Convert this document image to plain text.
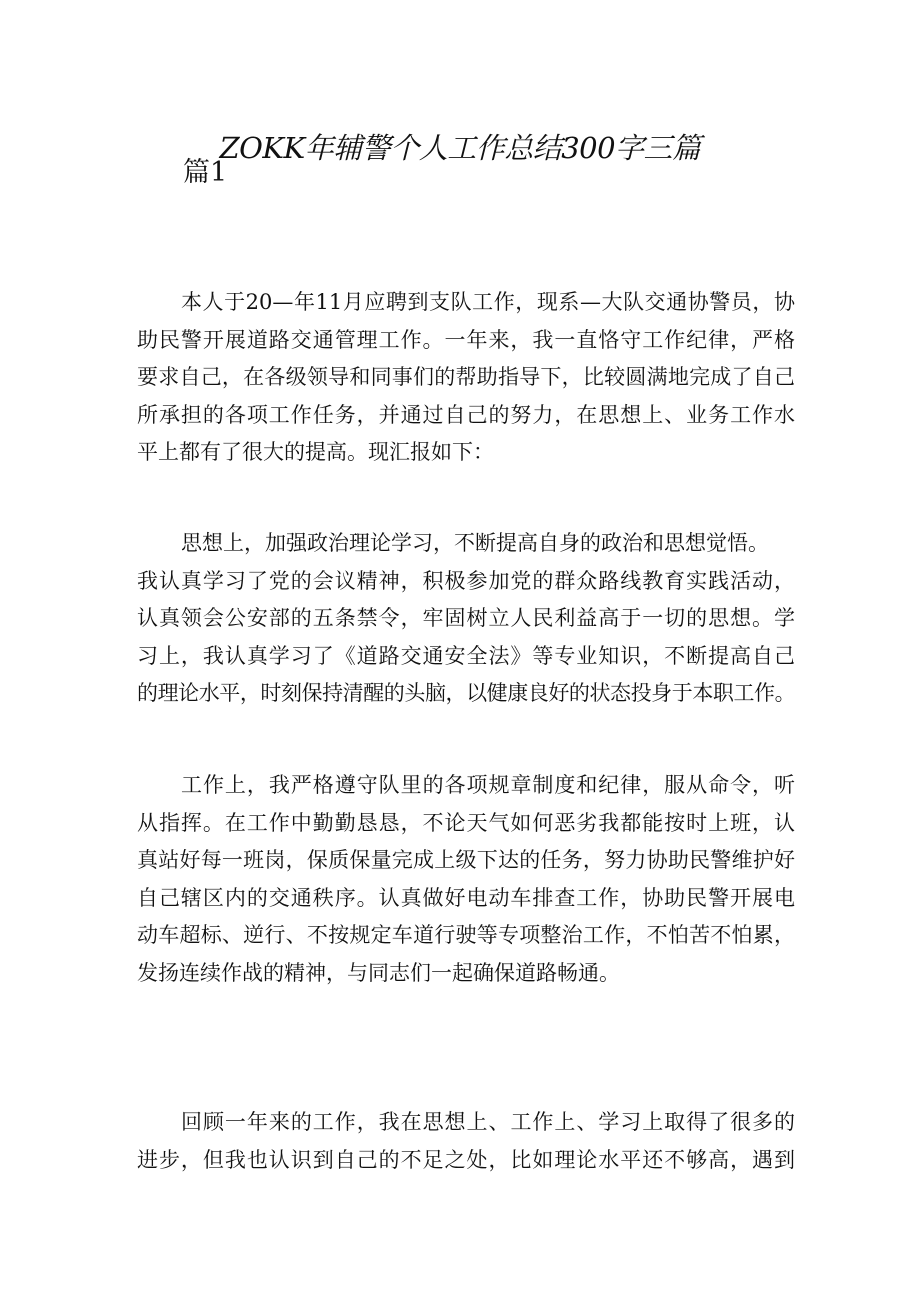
ZOKK年辅警个人工作总结300字三篇
篇1
本人于20—年11月应聘到支队工作，现系—大队交通协警员，协
助民警开展道路交通管理工作。一年来，我一直恪守工作纪律，严格
要求自己，在各级领导和同事们的帮助指导下，比较圆满地完成了自己
所承担的各项工作任务，并通过自己的努力，在思想上、业务工作水
平上都有了很大的提高。现汇报如下：
思想上，加强政治理论学习，不断提高自身的政治和思想觉悟。
我认真学习了党的会议精神，积极参加党的群众路线教育实践活动，
认真领会公安部的五条禁令，牢固树立人民利益高于一切的思想。学
习上，我认真学习了《道路交通安全法》等专业知识，不断提高自己
的理论水平，时刻保持清醒的头脑，以健康良好的状态投身于本职工作。
工作上，我严格遵守队里的各项规章制度和纪律，服从命令，听
从指挥。在工作中勤勤恳恳，不论天气如何恶劣我都能按时上班，认
真站好每一班岗，保质保量完成上级下达的任务，努力协助民警维护好
自己辖区内的交通秩序。认真做好电动车排查工作，协助民警开展电
动车超标、逆行、不按规定车道行驶等专项整治工作，不怕苦不怕累，
发扬连续作战的精神，与同志们一起确保道路畅通。
回顾一年来的工作，我在思想上、工作上、学习上取得了很多的
进步，但我也认识到自己的不足之处，比如理论水平还不够高，遇到
